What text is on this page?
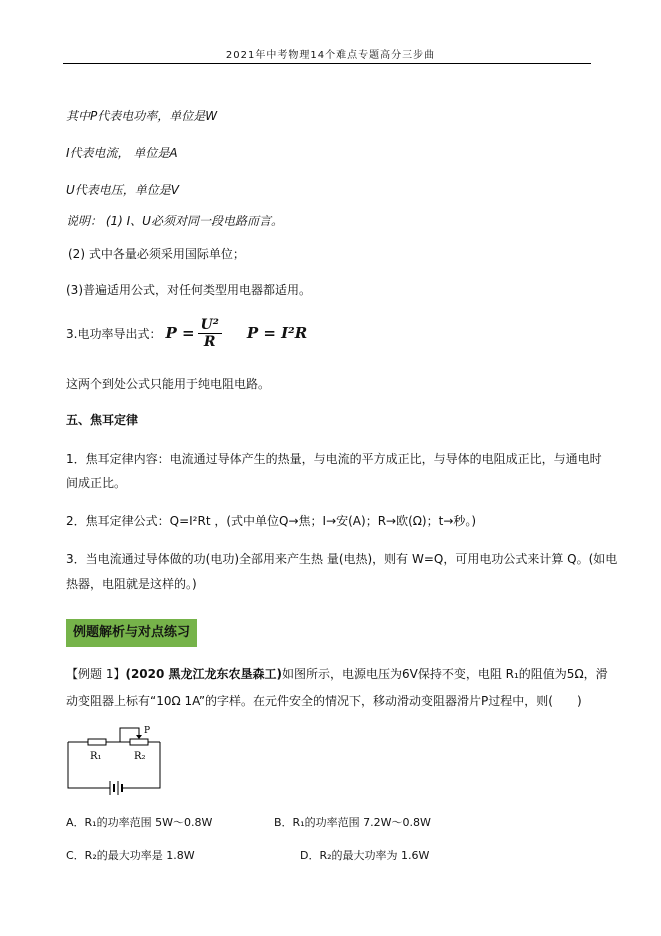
2021年中考物理14个难点专题高分三步曲
其中P代表电功率，单位是W
I代表电流， 单位是A
U代表电压，单位是V
说明： (1) I、U必须对同一段电路而言。
(2) 式中各量必须采用国际单位；
(3)普遍适用公式，对任何类型用电器都适用。
3.电功率导出式： $P = \frac{\text{U²}}{R}$ P = I²R
这两个到处公式只能用于纯电阻电路。
五、焦耳定律
1．焦耳定律内容：电流通过导体产生的热量，与电流的平方成正比，与导体的电阻成正比，与通电时
间成正比。
2．焦耳定律公式：Q=I²Rt ，(式中单位Q→焦；I→安(A)；R→欧(Ω)；t→秒。)
3．当电流通过导体做的功(电功)全部用来产生热 量(电热)，则有 W=Q，可用电功公式来计算 Q。(如电
热器，电阻就是这样的。)
例题解析与对点练习
【例题 1】(2020 黑龙江龙东农垦森工)如图所示，电源电压为6V保持不变，电阻 R₁的阻值为5Ω，滑
动变阻器上标有“10Ω 1A”的字样。在元件安全的情况下，移动滑动变阻器滑片P过程中，则(　　)
P
R₁	R₂
A．R₁的功率范围 5W～0.8W	B．R₁的功率范围 7.2W～0.8W
C．R₂的最大功率是 1.8W	D．R₂的最大功率为 1.6W
